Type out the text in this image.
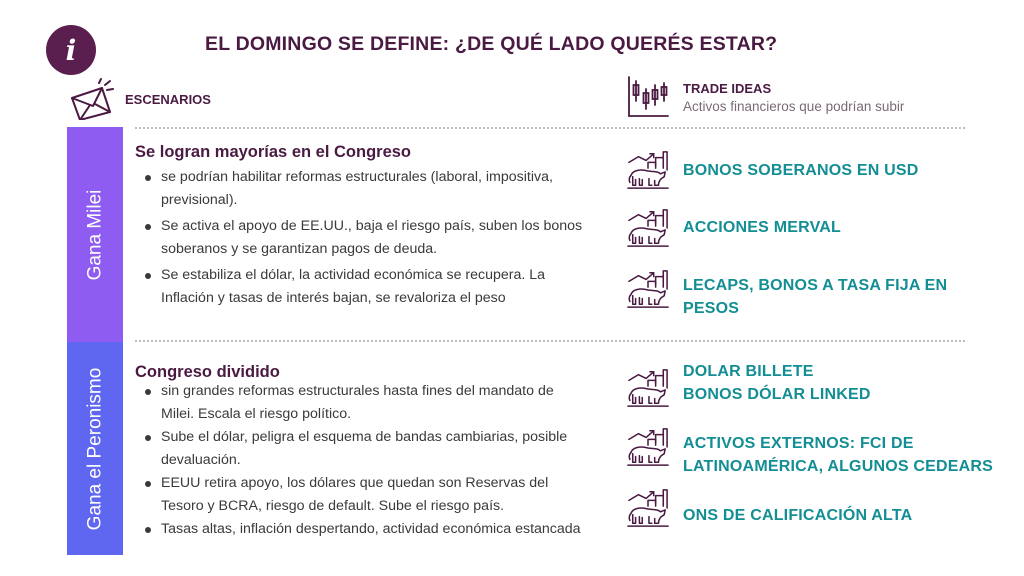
i	EL DOMINGO SE DEFINE: ¿DE QUÉ LADO QUERÉS ESTAR?
ESCENARIOS
TRADE IDEAS
Activos financieros que podrían subir
Gana Milei
Gana el Peronismo
Se logran mayorías en el Congreso
se podrían habilitar reformas estructurales (laboral, impositiva, previsional).
Se activa el apoyo de EE.UU., baja el riesgo país, suben los bonos soberanos y se garantizan pagos de deuda.
Se estabiliza el dólar, la actividad económica se recupera. La Inflación y tasas de interés bajan, se revaloriza el peso
Congreso dividido
sin grandes reformas estructurales hasta fines del mandato de Milei. Escala el riesgo político.
Sube el dólar, peligra el esquema de bandas cambiarias, posible devaluación.
EEUU retira apoyo, los dólares que quedan son Reservas del Tesoro y BCRA, riesgo de default. Sube el riesgo país.
Tasas altas, inflación despertando, actividad económica estancada
BONOS SOBERANOS EN USD
ACCIONES MERVAL
LECAPS, BONOS A TASA FIJA EN PESOS
DOLAR BILLETE
BONOS DÓLAR LINKED
ACTIVOS EXTERNOS: FCI DE LATINOAMÉRICA, ALGUNOS CEDEARS
ONS DE CALIFICACIÓN ALTA
